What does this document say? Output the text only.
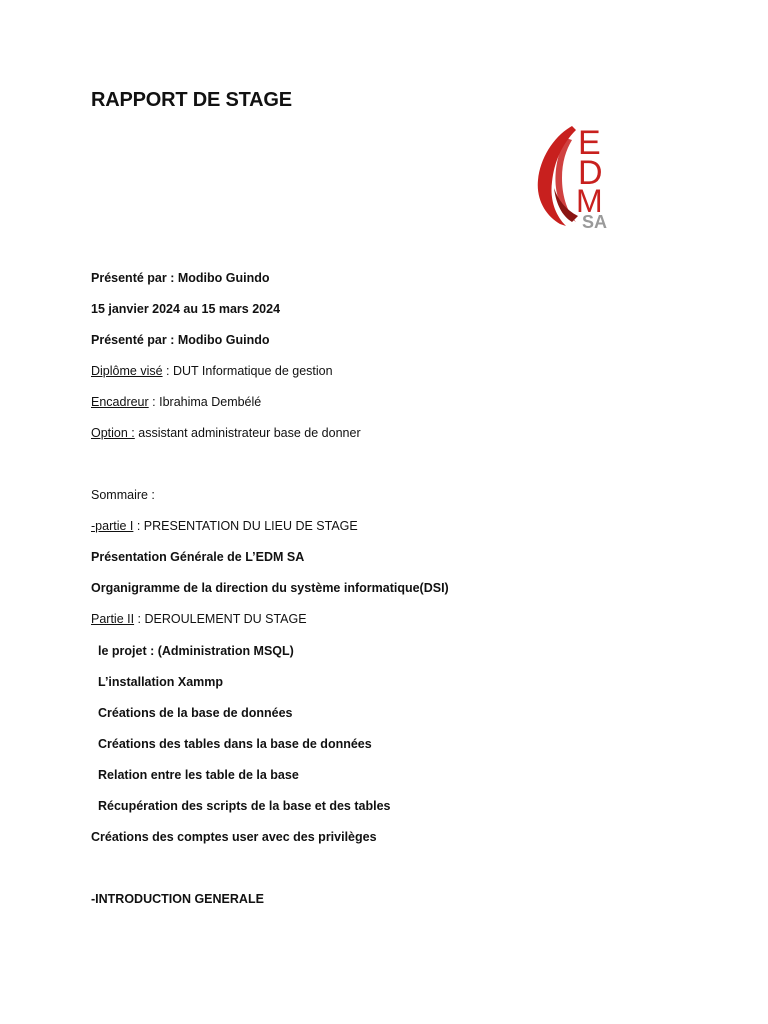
RAPPORT DE STAGE
E
D
M
SA
Présenté par : Modibo Guindo
15 janvier 2024 au 15 mars 2024
Présenté par : Modibo Guindo
Diplôme visé : DUT Informatique de gestion
Encadreur : Ibrahima Dembélé
Option : assistant administrateur base de donner
Sommaire :
-partie I : PRESENTATION DU LIEU DE STAGE
Présentation Générale de L’EDM SA
Organigramme de la direction du système informatique(DSI)
Partie II : DEROULEMENT DU STAGE
le projet : (Administration MSQL)
L’installation Xammp
Créations de la base de données
Créations des tables dans la base de données
Relation entre les table de la base
Récupération des scripts de la base et des tables
Créations des comptes user avec des privilèges
-INTRODUCTION GENERALE
